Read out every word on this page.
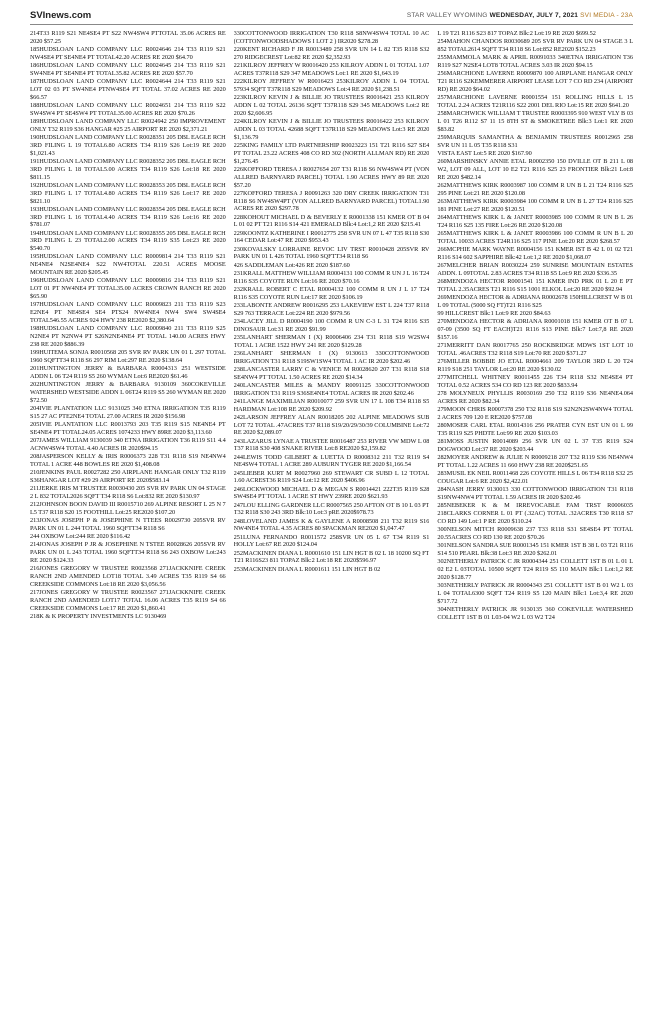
SVInews.com	STAR VALLEY WYOMING WEDNESDAY, JULY 7, 2021 SVI MEDIA - 23A

214T33 R119 S21 NE4SE4 PT S22 NW4SW4 PTTOTAL 35.06 ACRES RE 2020 $57.25

185HUDSLOAN LAND COMPANY LLC R0024646 214 T33 R119 S21 NW4SE4 PT SE4NE4 PT TOTAL42.20 ACRES RE 2020 $64.70

186HUDSLOAN LAND COMPANY LLC R0024645 214 T33 R119 S21 SW4NE4 PT SE4NE4 PT TOTAL35.82 ACRES RE 2020 $57.70

187HUDSLOAN LAND COMPANY LLC R0024644 214 T33 R119 S21 LOT 02 03 PT SW4NE4 PTNW4SE4 PT TOTAL 37.02 ACRES RE 2020 $66.57

188HUDSLOAN LAND COMPANY LLC R0024651 214 T33 R119 S22 SW4SW4 PT SE4SW4 PT TOTAL35.00 ACRES RE 2020 $70.26

189HUDSLOAN LAND COMPANY LLC R0024942 250 IMPROVEMENT ONLY T32 R119 S36 HANGAR #25 25 AIRPORT RE 2020 $2,371.21

190HUDSLOAN LAND COMPANY LLC R0028351 205 DBL EAGLE RCH 3RD FILING L 19 TOTAL6.80 ACRES T34 R119 S26 Lot:19 RE 2020 $1,021.43

191HUDSLOAN LAND COMPANY LLC R0028352 205 DBL EAGLE RCH 3RD FILING L 18 TOTAL5.00 ACRES T34 R119 S26 Lot:18 RE 2020 $811.15

192HUDSLOAN LAND COMPANY LLC R0028353 205 DBL EAGLE RCH 3RD FILING L 17 TOTAL4.80 ACRES T34 R119 S26 Lot:17 RE 2020 $821.10

193HUDSLOAN LAND COMPANY LLC R0028354 205 DBL EAGLE RCH 3RD FILING L 16 TOTAL4.40 ACRES T34 R119 S26 Lot:16 RE 2020 $781.07

194HUDSLOAN LAND COMPANY LLC R0028355 205 DBL EAGLE RCH 3RD FILING L 23 TOTAL2.00 ACRES T34 R119 S35 Lot:23 RE 2020 $540.70

195HUDSLOAN LAND COMPANY LLC R0009814 214 T33 R119 S21 NE4NE4 N2SE4NE4 S22 NW4TOTAL 220.51 ACRES MOOSE MOUNTAIN RE 2020 $205.45

196HUDSLOAN LAND COMPANY LLC R0009816 214 T33 R119 S21 LOT 01 PT NW4NE4 PT TOTAL35.00 ACRES CROWN RANCH RE 2020 $65.90

197HUDSLOAN LAND COMPANY LLC R0009823 211 T33 R119 S23 E2NE4 PT NE4SE4 SE4 PTS24 NW4NE4 NW4 SW4 SW4SE4 TOTAL546.55 ACRES 924 HWY 238 RE2020 $2,380.64

198HUDSLOAN LAND COMPANY LLC R0009840 211 T33 R119 S25 N2NE4 PT N2NW4 PT S26N2NE4NE4 PT TOTAL 140.00 ACRES HWY 238 RE 2020 $886.39

199HUITEMA SONJA R0010568 205 SVR RV PARK UN 01 L 297 TOTAL 1960 SQFTT34 R118 S6 297 RIM Lot:297 RE 2020 $138.64

201HUNTINGTON JERRY & BARBARA R0004313 251 WESTSIDE ADDN L 06 T24 R119 S5 260 WYMAN Lot:6 RE2020 $61.46

202HUNTINGTON JERRY & BARBARA 9130109 360COKEVILLE WATERSHED WESTSIDE ADDN L 06T24 R119 S5 260 WYMAN RE 2020 $72.50

204IVIE PLANTATION LLC 9131025 340 ETNA IRRIGATION T35 R119 S15 27 AC PTE2NE4 TOTAL 27.00 ACRES IR 2020 $156.98

205IVIE PLANTATION LLC R0013793 203 T35 R119 S15 NE4NE4 PT SE4NE4 PT TOTAL24.05 ACRES 1074233 HWY 89RE 2020 $3,113.60

207JAMES WILLIAM 9130039 340 ETNA IRRIGATION T36 R119 S11 4.4 ACNW4SW4 TOTAL 4.40 ACRES IR 2020$94.15

208JASPERSON KELLY & IRIS R0006373 228 T31 R118 S19 NE4NW4 TOTAL 1 ACRE 448 BOWLES RE 2020 $1,408.08

210JENKINS PAUL R0027282 250 AIRPLANE HANGAR ONLY T32 R119 S36HANGAR LOT #29 29 AIRPORT RE 2020$583.14

211JERKE IRIS M TRUSTEE R0030430 205 SVR RV PARK UN 04 STAGE 2 L 832 TOTAL2026 SQFT T34 R118 S6 Lot:832 RE 2020 $130.97

212JOHNSON BOON DAVID III R0015710 269 ALPINE RESORT L 25 N 7 L5 T37 R118 S20 15 FOOTHILL Lot:25 RE2020 $107.20

213JONAS JOSEPH P & JOSEPHINE N TTEES R0029730 205SVR RV PARK UN 01 L 244 TOTAL 1960 SQFTT34 R118 S6

244 OXBOW Lot:244 RE 2020 $116.42

214JONAS JOSEPH P JR & JOSEPHINE N TSTEE R0028626 205SVR RV PARK UN 01 L 243 TOTAL 1960 SQFTT34 R118 S6 243 OXBOW Lot:243 RE 2020 $124.33

216JONES GREGORY W TRUSTEE R0023568 271JACKKNIFE CREEK RANCH 2ND AMENDED LOT18 TOTAL 3.49 ACRES T35 R119 S4 66 CREEKSIDE COMMONS Lot:18 RE 2020 $3,056.56

217JONES GREGORY W TRUSTEE R0023567 271JACKKNIFE CREEK RANCH 2ND AMENDED LOT17 TOTAL 16.06 ACRES T35 R119 S4 66 CREEKSIDE COMMONS Lot:17 RE 2020 $1,860.41

218K & K PROPERTY INVESTMENTS LC 9130469

330COTTONWOOD IRRIGATION T30 R118 S8NW4SW4 TOTAL 10 AC (COTTONWOODSHADOWS I LOT 2 ) IR2020 $278.28

220KENT RICHARD F JR R0013489 258 SVR UN 14 L 82 T35 R118 S32 270 RIDGECREST Lot:82 RE 2020 $2,352.93

221KILROY JEFFREY W R0016420 253 KILROY ADDN L 01 TOTAL 1.07 ACRES T37R118 S29 347 MEADOWS Lot:1 RE 2020 $1,643.19

222KILROY JEFFREY W R0016423 253KILROY ADDN L 04 TOTAL 57934 SQFT T37R118 S29 MEADOWS Lot:4 RE 2020 $1,238.51

223KILROY KEVIN J & BILLIE JO TRUSTEES R0016421 253 KILROY ADDN L 02 TOTAL 26136 SQFT T37R118 S29 345 MEADOWS Lot:2 RE 2020 $2,606.95

224KILROY KEVIN J & BILLIE JO TRUSTEES R0016422 253 KILROY ADDN L 03 TOTAL 42688 SQFT T37R118 S29 MEADOWS Lot:3 RE 2020 $1,136.79

225KING FAMILY LTD PARTNERSHIP R0023223 151 T21 R116 S27 SE4 PT TOTAL 23.22 ACRES 408 CO RD 302 (NORTH ALLMAN RD) RE 2020 $1,276.45

226KOFFORD TERESA J R0027654 207 T31 R118 S6 NW4SW4 PT (VON ALLRED BARNYARD PARCEL) TOTAL 1.90 ACRES HWY 89 RE 2020 $57.20

227KOFFORD TERESA J R0091263 320 DRY CREEK IRRIGATION T31 R118 S6 NW4SW4PT (VON ALLRED BARNYARD PARCEL) TOTAL1.90 ACRES RE 2020 $297.78

228KOHOUT MICHAEL D & BEVERLY E R0001338 151 KMER OT B 04 L 01 02 PT T21 R116 S14 421 EMERALD Blk:4 Lot:1,2 RE 2020 $215.41

229KOONTZ KATHERINE I R0012775 258 SVR UN 07 L 47 T35 R118 S30 164 CEDAR Lot:47 RE 2020 $953.43

230KOVALSKY LORRAINE REVOC LIV TRST R0010428 205SVR RV PARK UN 01 L 426 TOTAL 1960 SQFTT34 R118 S6

426 SADDLEMAN Lot:426 RE 2020 $187.60

231KRALL MATTHEW WILLIAM R0004131 100 COMM R UN J L 16 T24 R116 S35 COYOTE RUN Lot:16 RE 2020 $70.16

232KRALL ROBERT C ETAL R0004132 100 COMM R UN J L 17 T24 R116 S35 COYOTE RUN Lot:17 RE 2020 $106.19

233LABONTE ANDREW R0016295 253 LAKEVIEW EST L 224 T37 R118 S29 763 TERRACE Lot:224 RE 2020 $979.56

234LACEY JILL D R0004190 100 COMM R UN C-3 L 31 T24 R116 S35 DINOSAUR Lot:31 RE 2020 $91.99

235LANHART SHERMAN I (X) R0006406 234 T31 R118 S19 W2SW4 TOTAL 1 ACRE 1522 HWY 241 RE 2020 $129.28

236LANHART SHERMAN I (X) 9130613 330COTTONWOOD IRRIGATION T31 R118 S19SW1SW4 TOTAL 1 AC IR 2020 $202.46

238LANCASTER LARRY C & VENICE M R0028620 207 T31 R118 S18 SE4NW4 PT TOTAL 1.50 ACRES RE 2020 $14.34

240LANCASTER MILES & MANDY R0091125 330COTTONWOOD IRRIGATION T31 R119 S36SE4NE4 TOTAL ACRES IR 2020 $202.46

241LANGE MAXIMILIAN R0010077 259 SVR UN 17 L 108 T34 R118 S5 HARDMAN Lot:108 RE 2020 $209.92

242LARSON JEFFREY ALAN R0018205 202 ALPINE MEADOWS SUB LOT 72 TOTAL .47ACRES T37 R118 S19/20/29/30/39 COLUMBINE Lot:72 RE 2020 $2,089.07

243LAZARUS LYNAE A TRUSTEE R0016487 253 RIVER VW MDW L 08 T37 R118 S30 408 SNAKE RIVER Lot:8 RE2020 $2,159.82

244LEWIS TODD GILBERT & LUETTA D R0008312 211 T32 R119 S4 NE4SW4 TOTAL 1 ACRE 289 AUBURN TYGER RE 2020 $1,166.54

245LIEBER KURT M R0027960 269 STEWART CR SUBD L 12 TOTAL 1.60 ACREST36 R119 S24 Lot:12 RE 2020 $406.96

246LOCKWOOD MICHAEL D & MEGAN S R0014421 222T35 R119 S28 SW4SE4 PT TOTAL 1 ACRE ST HWY 239RE 2020 $621.93

247LOU ELLING GARDNER LLC R0007565 250 AFTON OT B 10 L 03 PT T32 R118 S30 243 3RD Blk:10 Lot:3 pRE 2020$978.73

248LOVELAND JAMES K & GAYLENE A R0008508 211 T32 R119 S16 NW4NE4 TOTAL 4.35 ACRES 80 SPACKMAN RE2020 $1,047.47

251LUNA FERNANDO R0011572 258SVR UN 05 L 67 T34 R119 S1 HOLLY Lot:67 RE 2020 $124.04

252MACKINEN DIANA L R0001610 151 LIN HGT B 02 L 18 10200 SQ FT T21 R116S23 811 TOPAZ Blk:2 Lot:18 RE 2020$596.97

253MACKINEN DIANA L R0001611 151 LIN HGT B 02

L 19 T21 R116 S23 817 TOPAZ Blk:2 Lot:19 RE 2020 $699.52

254MAHON CHANDOS R0030689 205 SVR RV PARK UN 04 STAGE 3 L 852 TOTAL2614 SQFT T34 R118 S6 Lot:852 RE2020 $152.23

255MAMMOLA MARK & APRIL R0091033 340ETNA IRRIGATION T36 R119 S27 N2SE4 LOT8 TOTAL ACRES 3.03 IR 2020 $94.15

256MARCHIONE LAVERNE R0009870 100 AIRPLANE HANGAR ONLY T21 R116 S2KEMMERER AIRPORT LEASE LOT 7 CO RD 234 (AIRPORT RD) RE 2020 $64.02

257MARCHIONE LAVERNE R0001554 151 ROLLING HILLS L 15 TOTAL 2.24 ACRES T21R116 S22 2001 DEL RIO Lot:15 RE 2020 $641.20

258MARCHWICK WILLIAM T TRUSTEE R0003395 910 WEST VLY B 03 L 01 T26 R112 S7 11 15 8TH ST & SMOKETREE Blk:3 Lot:1 RE 2020 $83.82

259MARQUIS SAMANTHA & BENJAMIN TRUSTEES R0012965 258 SVR UN 11 L 05 T35 R118 S31

VISTA EAST Lot:5 RE 2020 $167.90

260MARSHINSKY ANNIE ETAL R0002350 150 DVILLE OT B 211 L 08 W2, LOT 09 ALL, LOT 10 E2 T21 R116 S25 23 FRONTIER Blk:21 Lot:8 RE 2020 $482.14

262MATTHEWS KIRK R0003987 100 COMM R UN B L 21 T24 R116 S25 295 PINE Lot:21 RE 2020 $120.08

263MATTHEWS KIRK R0003984 100 COMM R UN B L 27 T24 R116 S25 181 PINE Lot:27 RE 2020 $120.51

264MATTHEWS KIRK L & JANET R0003985 100 COMM R UN B L 26 T24 R116 S25 135 FIRE Lot:26 RE 2020 $120.08

265MATTHEWS KIRK L & JANET R0003986 100 COMM R UN B L 20 TOTAL 10033 ACRES T24R116 S25 117 PINE Lot:20 RE 2020 $268.57

266MCPHIE MARK WAYNE R0004156 151 KMER IST B 42 L 01 02 T21 R116 S14 602 SAPPHIRE Blk:42 Lot:1,2 RE 2020 $1,068.07

267MELCHER BRIAN R0030224 259 SUNRISE MOUNTAIN ESTATES ADDN. L 09TOTAL 2.83 ACRES T34 R118 S5 Lot:9 RE 2020 $336.35

268MENDOZA HECTOR R0001541 151 KMER IND PRK 01 L 20 E PT TOTAL 2.35ACRES T21 R116 S15 1001 ELKOL Lot:20 RE 2020 $92.94

269MENDOZA HECTOR & ADRIANA R0002678 150HILLCREST W B 01 L 09 TOTAL (5000 SQ FT)T21 R116 S25

99 HILLCREST Blk:1 Lot:9 RE 2020 $84.63

270MENDOZA HECTOR & ADRIANA R0001018 151 KMER OT B 07 L 07-09 (3500 SQ FT EACH)T21 R116 S13 PINE Blk:7 Lot:7,8 RE 2020 $157.16

271MERRITT DAN R0017765 250 ROCKBRIDGE MDWS 1ST LOT 10 TOTAL .46ACRES T32 R118 S19 Lot:70 RE 2020 $371.27

276MILLER BOBBIE JO ETAL R0004661 209 TAYLOR 3RD L 20 T24 R119 S18 251 TAYLOR Lot:20 RE 2020 $130.02

277MITCHELL WHITNEY R0011455 226 T34 R118 S32 NE4SE4 PT TOTAL 0.52 ACRES 534 CO RD 123 RE 2020 $833.94

278 MOLYNEUX PHYLLIS R0030169 250 T32 R119 S36 NE4NE4.064 ACRES RE 2020 $82.34

279MOON CHRIS R0007378 250 T32 R118 S19 S2N2N2SW4NW4 TOTAL 2 ACRES 709 120 E RE2020 $757.08

280MOSER CARL ETAL R0014316 256 PRATER CYN EST UN 01 L 99 T35 R119 S25 PHDTE Lot:99 RE 2020 $103.03

281MOSS JUSTIN R0014089 256 SVR UN 02 L 37 T35 R119 S24 DOGWOOD Lot:37 RE 2020 $203.44

282MOYER ANDREW & JULIE N R0009218 207 T32 R119 S36 NE4NW4 PT TOTAL 1.22 ACRES 11 660 HWY 238 RE 2020$251.65

283MUSIL EK NEIL R0011468 226 COYOTE HILLS L 06 T34 R118 S32 25 COUGAR Lot:6 RE 2020 $2,422.01

284NASH JERRY 9130013 330 COTTONWOOD IRRIGATION T31 R118 S19NW4NW4 PT TOTAL 1.59 ACRES IR 2020 $202.46

285NEBEKER K & M IRREVOCABLE FAM TRST R0006035 218CLARKS CORNER L 01 PT (.32AC) TOTAL .32ACRES T30 R118 S7 CO RD 149 Lot:1 P RE 2020 $110.24

300NELSON MITCH R0009638 237 T33 R118 S31 SE4SE4 PT TOTAL 20.55ACRES CO RD 130 RE 2020 $70.26

301NELSON SANDRA SUE R0001345 151 KMER 1ST B 38 L 03 T21 R116 S14 510 PEARL Blk:38 Lot:3 RE 2020 $262.01

302NETHERLY PATRICK C JR R0004344 251 COLLETT 1ST B 01 L 01 L 02 E2 L 03TOTAL 10500 SQFT T24 R119 S5 110 MAIN Blk:1 Lot:1,2 RE 2020 $128.77

303NETHERLY PATRICK JR R0004343 251 COLLETT 1ST B 01 W2 L 03 L 04 TOTAL6300 SQFT T24 R119 S5 120 MAIN Blk:1 Lot:3,4 RE 2020 $717.72

304NETHERLY PATRICK JR 9130135 360 COKEVILLE WATERSHED COLLETT 1ST B 01 L03-04 W2 L 03 W2 T24
